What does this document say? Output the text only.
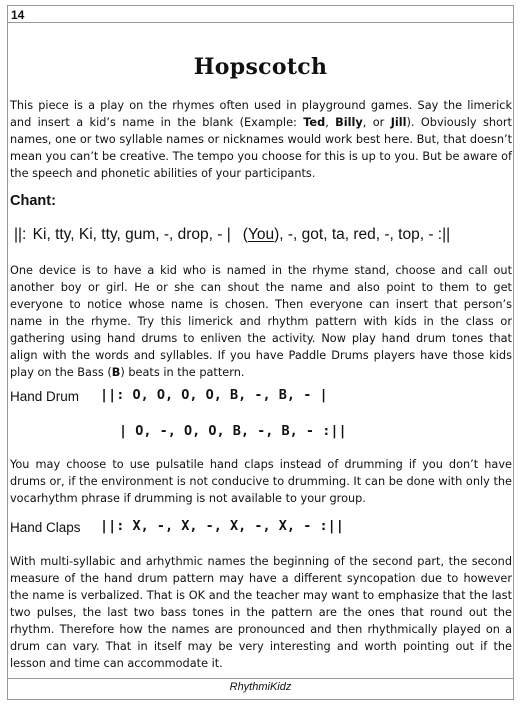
14
Hopscotch

This piece is a play on the rhymes often used in playground games. Say the limerick and insert a kid’s name in the blank (Example: Ted, Billy, or Jill). Obviously short names, one or two syllable names or nicknames would work best here. But, that doesn’t mean you can’t be creative. The tempo you choose for this is up to you. But be aware of the speech and phonetic abilities of your participants.

Chant:
||: Ki, tty, Ki, tty, gum, -, drop, - | (You), -, got, ta, red, -, top, - :||

One device is to have a kid who is named in the rhyme stand, choose and call out another boy or girl. He or she can shout the name and also point to them to get everyone to notice whose name is chosen. Then everyone can insert that person’s name in the rhyme. Try this limerick and rhythm pattern with kids in the class or gathering using hand drums to enliven the activity. Now play hand drum tones that align with the words and syllables. If you have Paddle Drums players have those kids play on the Bass (B) beats in the pattern.

Hand Drum ||: O, O, O, O, B, -, B, - |
| O, -, O, O, B, -, B, - :||

You may choose to use pulsatile hand claps instead of drumming if you don’t have drums or, if the environment is not conducive to drumming. It can be done with only the vocarhythm phrase if drumming is not available to your group.

Hand Claps ||: X, -, X, -, X, -, X, - :||

With multi-syllabic and arhythmic names the beginning of the second part, the second measure of the hand drum pattern may have a different syncopation due to however the name is verbalized. That is OK and the teacher may want to emphasize that the last two pulses, the last two bass tones in the pattern are the ones that round out the rhythm. Therefore how the names are pronounced and then rhythmically played on a drum can vary. That in itself may be very interesting and worth pointing out if the lesson and time can accommodate it.

RhythmiKidz
